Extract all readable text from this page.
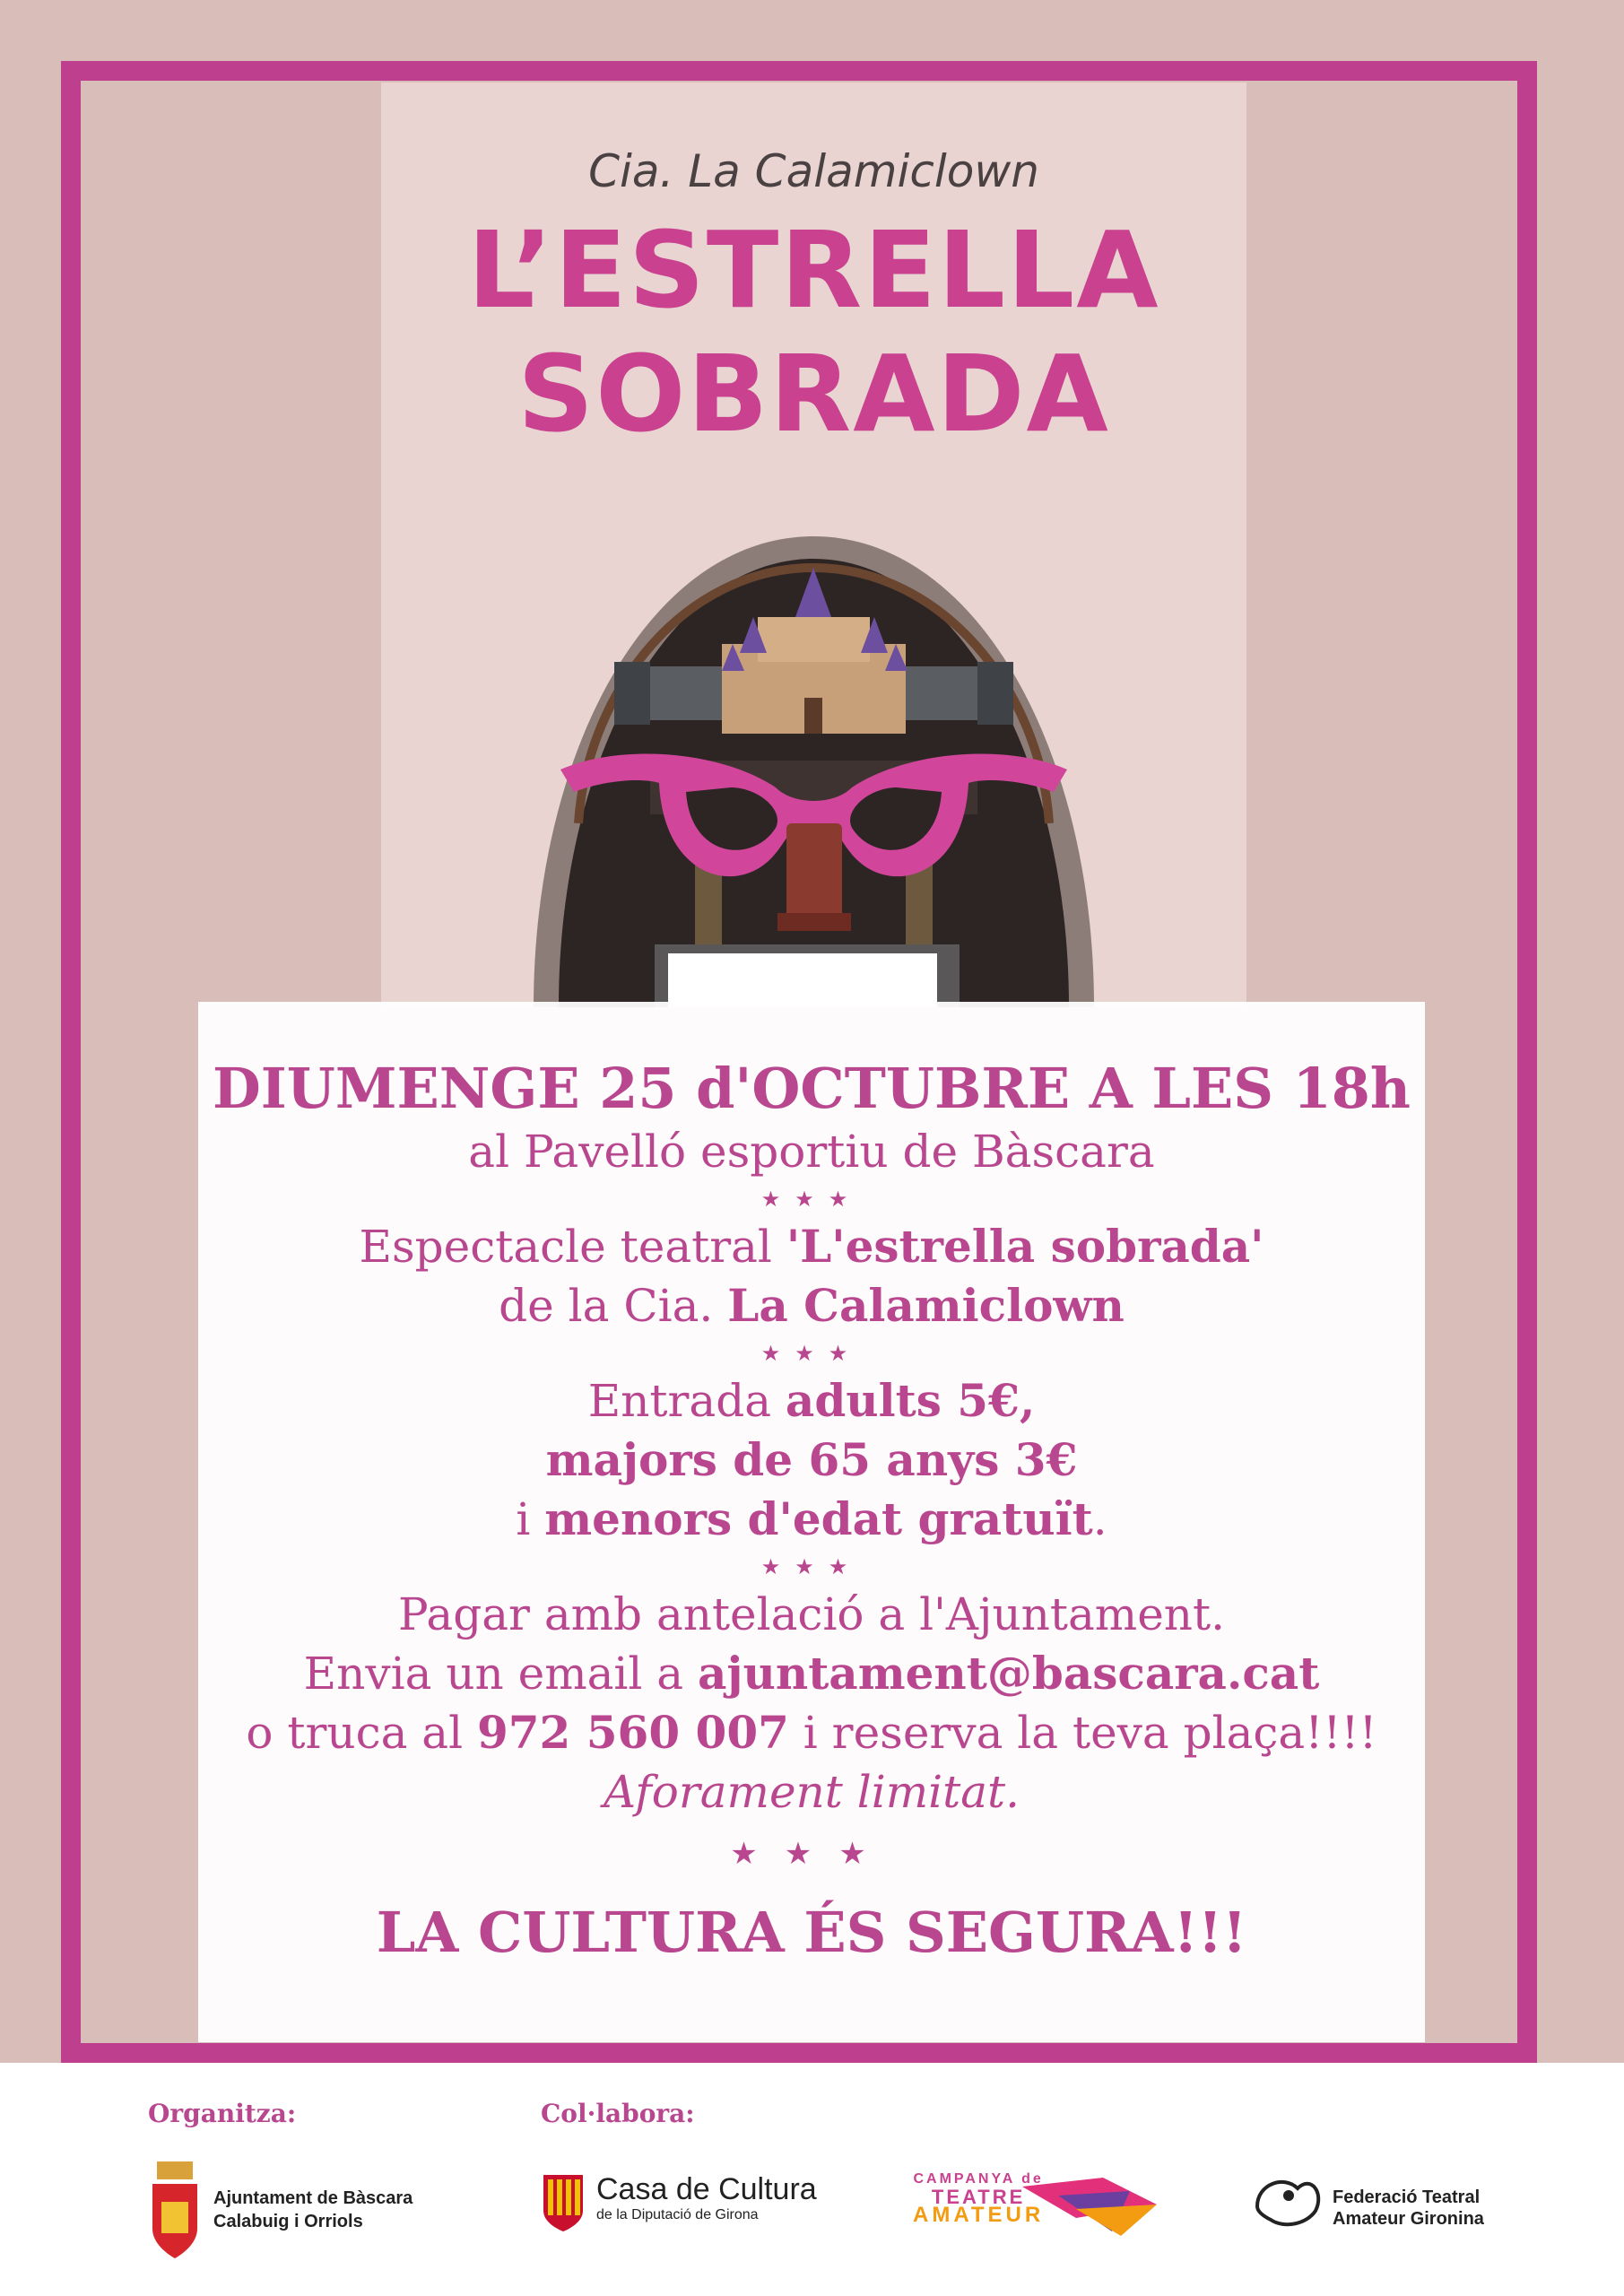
Cia. La Calamiclown
L’ESTRELLA
SOBRADA
DIUMENGE 25 d'OCTUBRE A LES 18h
al Pavelló esportiu de Bàscara
★★★
Espectacle teatral 'L'estrella sobrada'
de la Cia. La Calamiclown
★★★
Entrada adults 5€,
majors de 65 anys 3€
i menors d'edat gratuït.
★★★
Pagar amb antelació a l'Ajuntament.
Envia un email a ajuntament@bascara.cat
o truca al 972 560 007 i reserva la teva plaça!!!!
Aforament limitat.
★★★
LA CULTURA ÉS SEGURA!!!
Organitza:	Col·labora:
Ajuntament de Bàscara
Calabuig i Orriols
Casa de Cultura
de la Diputació de Girona
CAMPANYA de
TEATRE
AMATEUR
Federació Teatral
Amateur Gironina
